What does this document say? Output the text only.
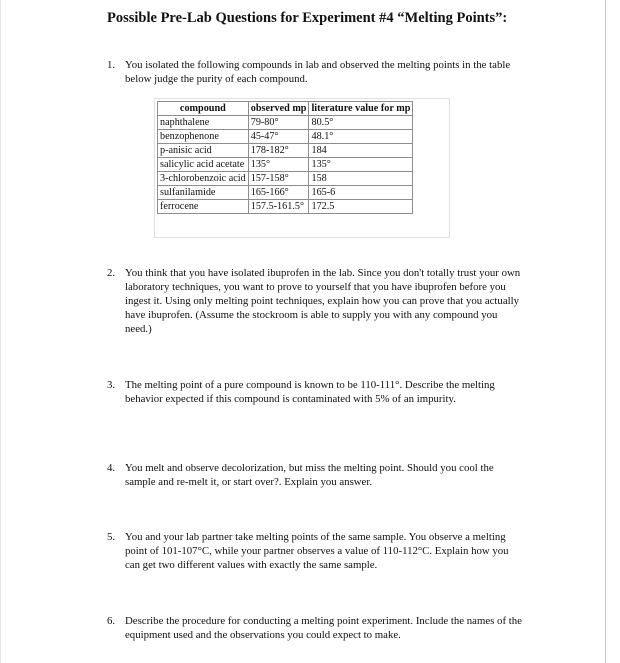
Possible Pre-Lab Questions for Experiment #4 “Melting Points”:
1. You isolated the following compounds in lab and observed the melting points in the table below judge the purity of each compound.
compound	observed mp	literature value for mp
naphthalene	79-80°	80.5°
benzophenone	45-47°	48.1°
p-anisic acid	178-182°	184
salicylic acid acetate	135°	135°
3-chlorobenzoic acid	157-158°	158
sulfanilamide	165-166°	165-6
ferrocene	157.5-161.5°	172.5
2. You think that you have isolated ibuprofen in the lab. Since you don't totally trust your own laboratory techniques, you want to prove to yourself that you have ibuprofen before you ingest it. Using only melting point techniques, explain how you can prove that you actually have ibuprofen. (Assume the stockroom is able to supply you with any compound you need.)
3. The melting point of a pure compound is known to be 110-111°. Describe the melting behavior expected if this compound is contaminated with 5% of an impurity.
4. You melt and observe decolorization, but miss the melting point. Should you cool the sample and re-melt it, or start over?. Explain you answer.
5. You and your lab partner take melting points of the same sample. You observe a melting point of 101-107°C, while your partner observes a value of 110-112°C. Explain how you can get two different values with exactly the same sample.
6. Describe the procedure for conducting a melting point experiment. Include the names of the equipment used and the observations you could expect to make.
